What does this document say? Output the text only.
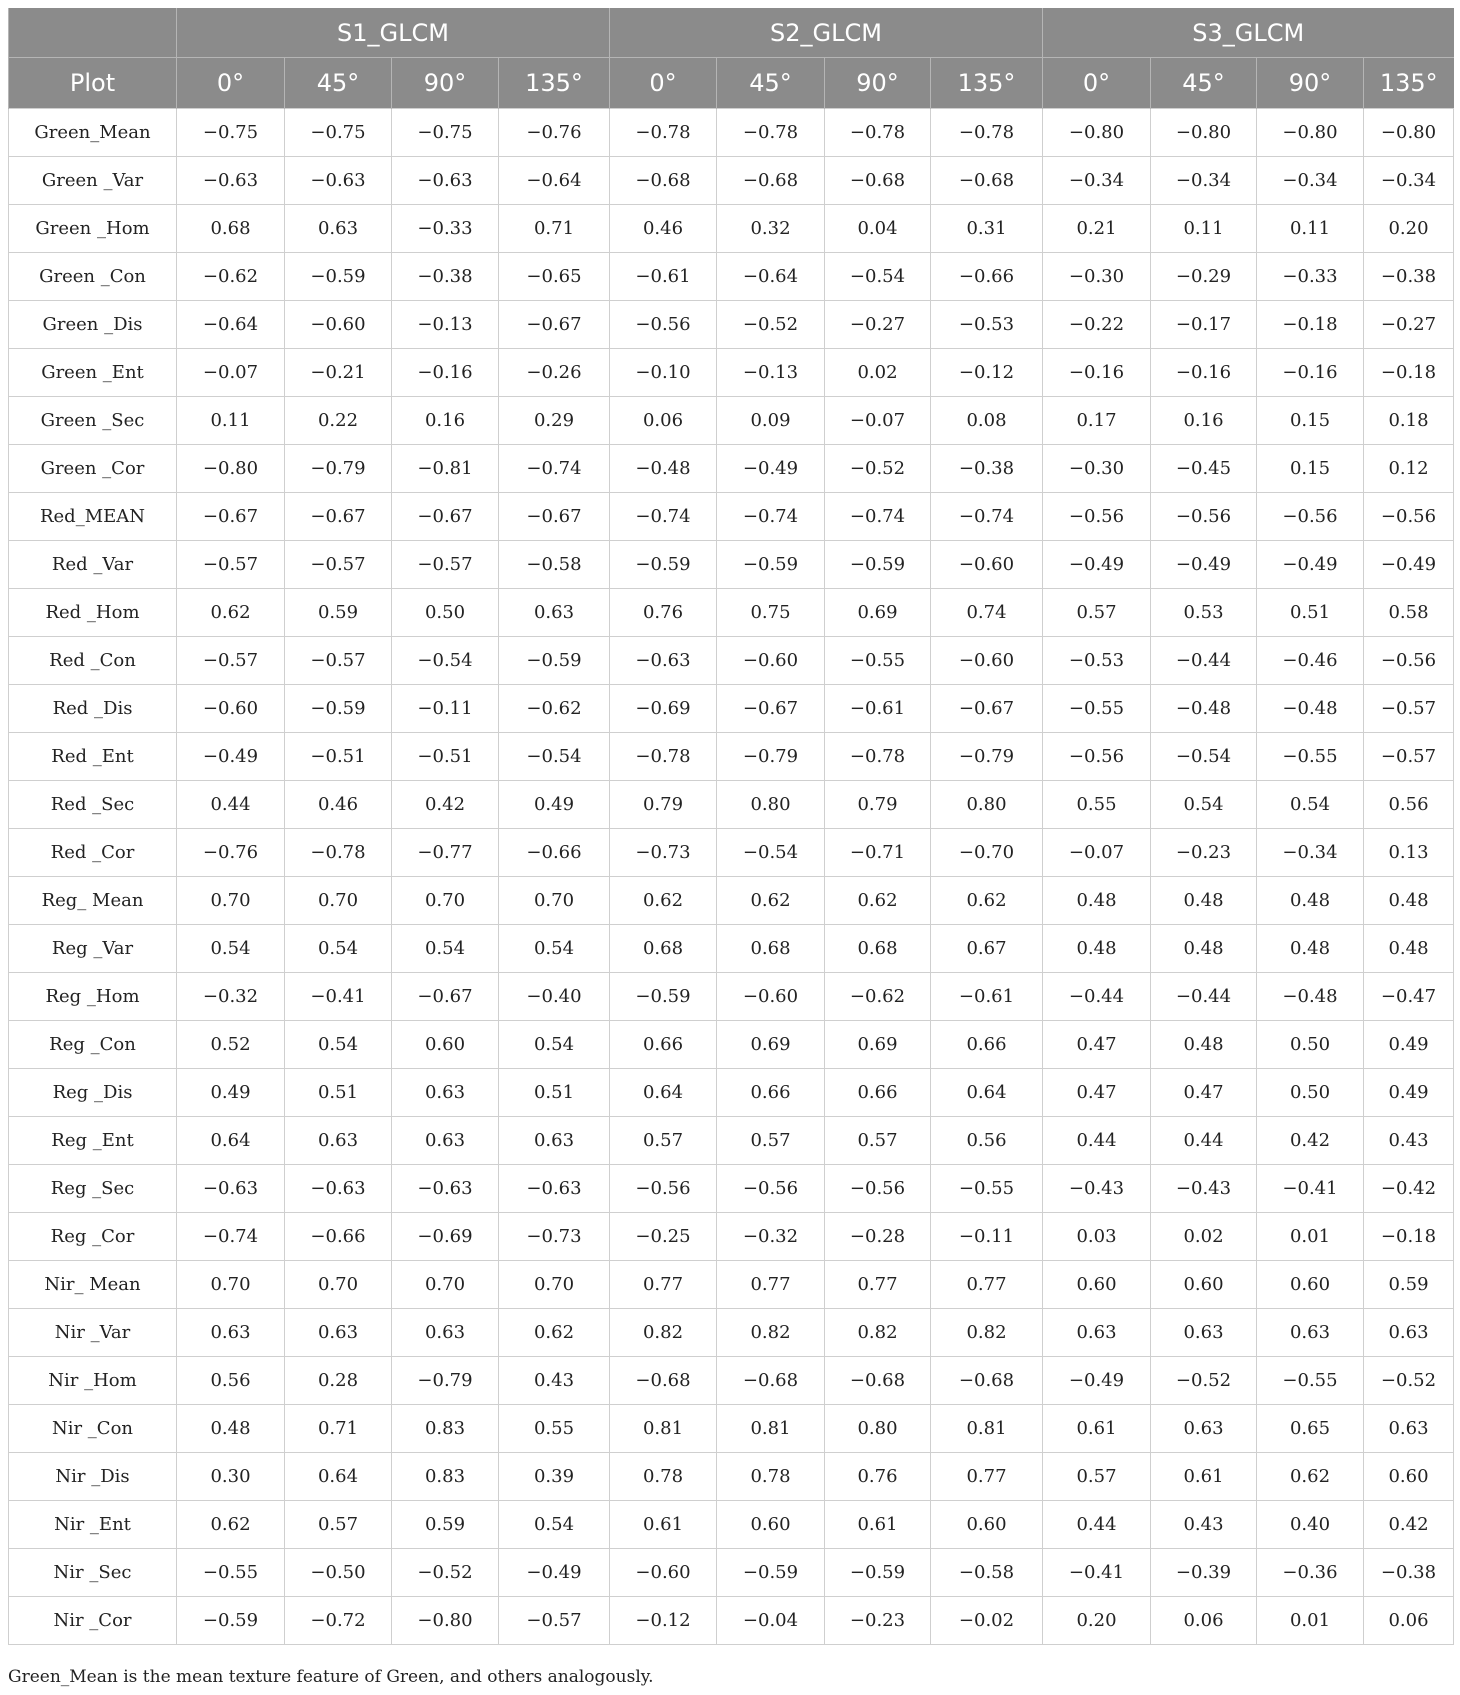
	S1_GLCM				S2_GLCM				S3_GLCM			
Plot	0°	45°	90°	135°	0°	45°	90°	135°	0°	45°	90°	135°
Green_Mean	−0.75	−0.75	−0.75	−0.76	−0.78	−0.78	−0.78	−0.78	−0.80	−0.80	−0.80	−0.80
Green _Var	−0.63	−0.63	−0.63	−0.64	−0.68	−0.68	−0.68	−0.68	−0.34	−0.34	−0.34	−0.34
Green _Hom	0.68	0.63	−0.33	0.71	0.46	0.32	0.04	0.31	0.21	0.11	0.11	0.20
Green _Con	−0.62	−0.59	−0.38	−0.65	−0.61	−0.64	−0.54	−0.66	−0.30	−0.29	−0.33	−0.38
Green _Dis	−0.64	−0.60	−0.13	−0.67	−0.56	−0.52	−0.27	−0.53	−0.22	−0.17	−0.18	−0.27
Green _Ent	−0.07	−0.21	−0.16	−0.26	−0.10	−0.13	0.02	−0.12	−0.16	−0.16	−0.16	−0.18
Green _Sec	0.11	0.22	0.16	0.29	0.06	0.09	−0.07	0.08	0.17	0.16	0.15	0.18
Green _Cor	−0.80	−0.79	−0.81	−0.74	−0.48	−0.49	−0.52	−0.38	−0.30	−0.45	0.15	0.12
Red_MEAN	−0.67	−0.67	−0.67	−0.67	−0.74	−0.74	−0.74	−0.74	−0.56	−0.56	−0.56	−0.56
Red _Var	−0.57	−0.57	−0.57	−0.58	−0.59	−0.59	−0.59	−0.60	−0.49	−0.49	−0.49	−0.49
Red _Hom	0.62	0.59	0.50	0.63	0.76	0.75	0.69	0.74	0.57	0.53	0.51	0.58
Red _Con	−0.57	−0.57	−0.54	−0.59	−0.63	−0.60	−0.55	−0.60	−0.53	−0.44	−0.46	−0.56
Red _Dis	−0.60	−0.59	−0.11	−0.62	−0.69	−0.67	−0.61	−0.67	−0.55	−0.48	−0.48	−0.57
Red _Ent	−0.49	−0.51	−0.51	−0.54	−0.78	−0.79	−0.78	−0.79	−0.56	−0.54	−0.55	−0.57
Red _Sec	0.44	0.46	0.42	0.49	0.79	0.80	0.79	0.80	0.55	0.54	0.54	0.56
Red _Cor	−0.76	−0.78	−0.77	−0.66	−0.73	−0.54	−0.71	−0.70	−0.07	−0.23	−0.34	0.13
Reg_ Mean	0.70	0.70	0.70	0.70	0.62	0.62	0.62	0.62	0.48	0.48	0.48	0.48
Reg _Var	0.54	0.54	0.54	0.54	0.68	0.68	0.68	0.67	0.48	0.48	0.48	0.48
Reg _Hom	−0.32	−0.41	−0.67	−0.40	−0.59	−0.60	−0.62	−0.61	−0.44	−0.44	−0.48	−0.47
Reg _Con	0.52	0.54	0.60	0.54	0.66	0.69	0.69	0.66	0.47	0.48	0.50	0.49
Reg _Dis	0.49	0.51	0.63	0.51	0.64	0.66	0.66	0.64	0.47	0.47	0.50	0.49
Reg _Ent	0.64	0.63	0.63	0.63	0.57	0.57	0.57	0.56	0.44	0.44	0.42	0.43
Reg _Sec	−0.63	−0.63	−0.63	−0.63	−0.56	−0.56	−0.56	−0.55	−0.43	−0.43	−0.41	−0.42
Reg _Cor	−0.74	−0.66	−0.69	−0.73	−0.25	−0.32	−0.28	−0.11	0.03	0.02	0.01	−0.18
Nir_ Mean	0.70	0.70	0.70	0.70	0.77	0.77	0.77	0.77	0.60	0.60	0.60	0.59
Nir _Var	0.63	0.63	0.63	0.62	0.82	0.82	0.82	0.82	0.63	0.63	0.63	0.63
Nir _Hom	0.56	0.28	−0.79	0.43	−0.68	−0.68	−0.68	−0.68	−0.49	−0.52	−0.55	−0.52
Nir _Con	0.48	0.71	0.83	0.55	0.81	0.81	0.80	0.81	0.61	0.63	0.65	0.63
Nir _Dis	0.30	0.64	0.83	0.39	0.78	0.78	0.76	0.77	0.57	0.61	0.62	0.60
Nir _Ent	0.62	0.57	0.59	0.54	0.61	0.60	0.61	0.60	0.44	0.43	0.40	0.42
Nir _Sec	−0.55	−0.50	−0.52	−0.49	−0.60	−0.59	−0.59	−0.58	−0.41	−0.39	−0.36	−0.38
Nir _Cor	−0.59	−0.72	−0.80	−0.57	−0.12	−0.04	−0.23	−0.02	0.20	0.06	0.01	0.06
Green_Mean is the mean texture feature of Green, and others analogously.
